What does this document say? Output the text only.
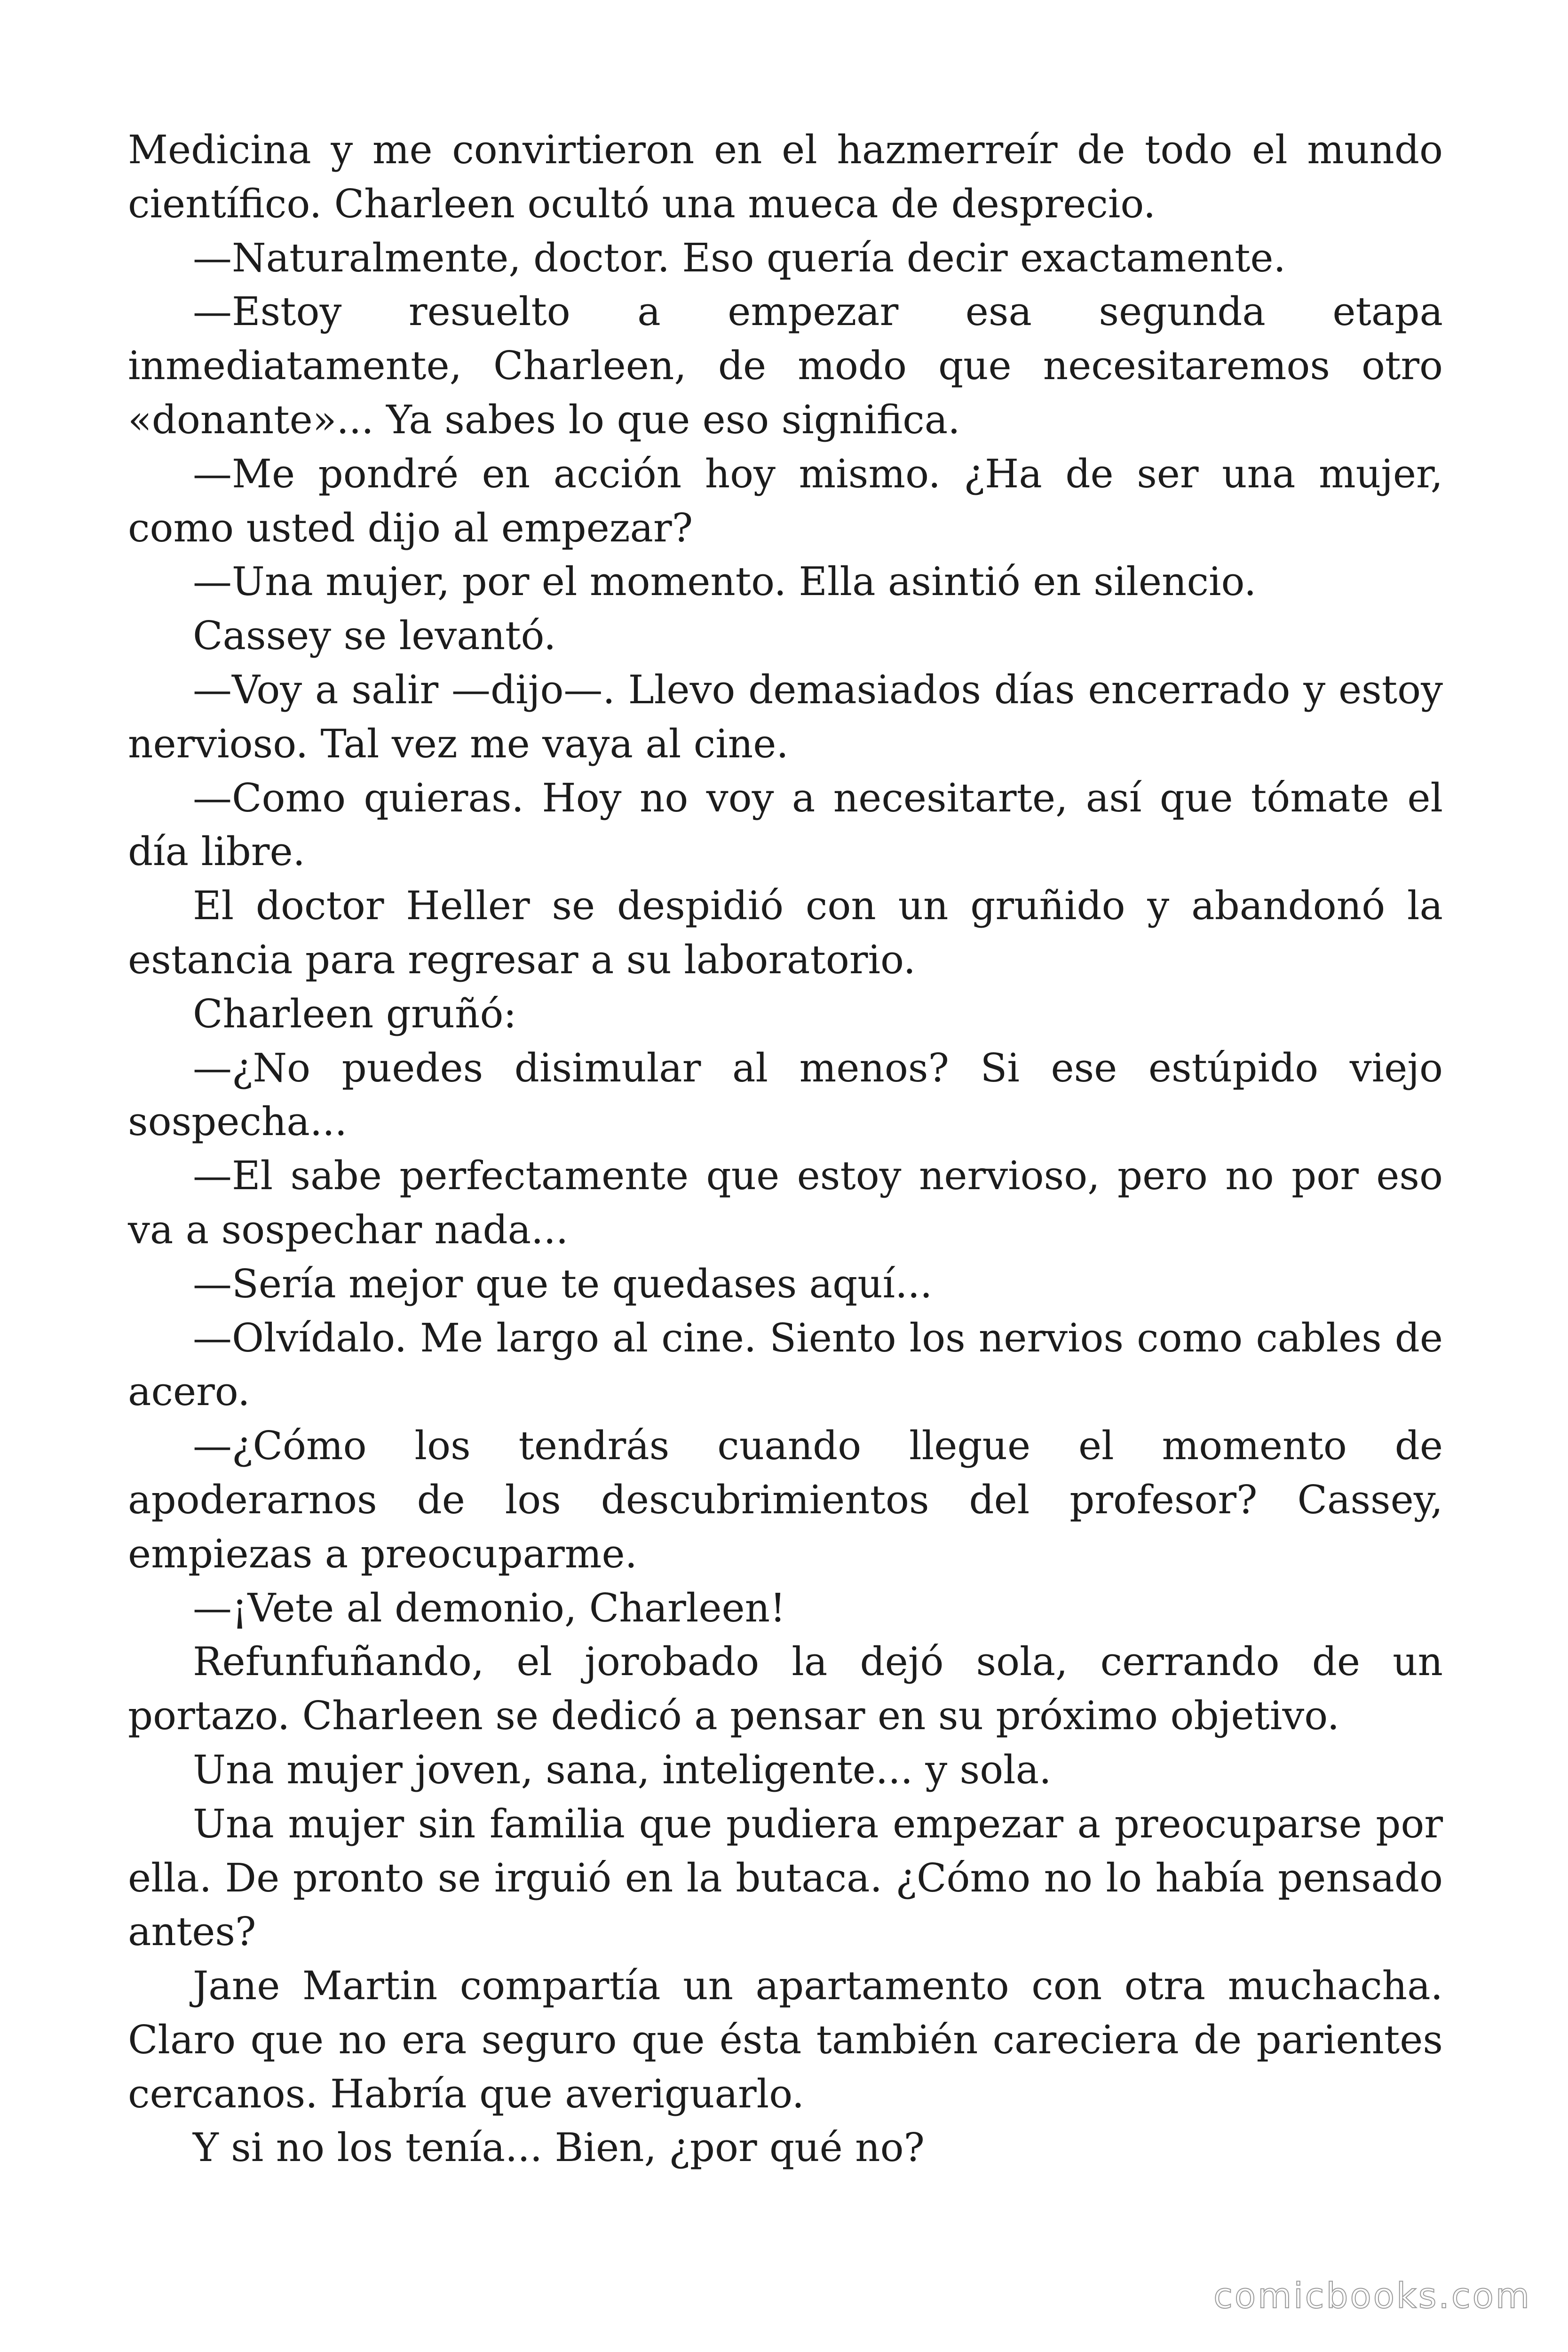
Medicina y me convirtieron en el hazmerreír de todo el mundo científico. Charleen ocultó una mueca de desprecio.

—Naturalmente, doctor. Eso quería decir exactamente.

—Estoy resuelto a empezar esa segunda etapa inmediatamente, Charleen, de modo que necesitaremos otro «donante»... Ya sabes lo que eso significa.

—Me pondré en acción hoy mismo. ¿Ha de ser una mujer, como usted dijo al empezar?

—Una mujer, por el momento. Ella asintió en silencio.

Cassey se levantó.

—Voy a salir —dijo—. Llevo demasiados días encerrado y estoy nervioso. Tal vez me vaya al cine.

—Como quieras. Hoy no voy a necesitarte, así que tómate el día libre.

El doctor Heller se despidió con un gruñido y abandonó la estancia para regresar a su laboratorio.

Charleen gruñó:

—¿No puedes disimular al menos? Si ese estúpido viejo sospecha...

—El sabe perfectamente que estoy nervioso, pero no por eso va a sospechar nada...

—Sería mejor que te quedases aquí...

—Olvídalo. Me largo al cine. Siento los nervios como cables de acero.

—¿Cómo los tendrás cuando llegue el momento de apoderarnos de los descubrimientos del profesor? Cassey, empiezas a preocuparme.

—¡Vete al demonio, Charleen!

Refunfuñando, el jorobado la dejó sola, cerrando de un portazo. Charleen se dedicó a pensar en su próximo objetivo.

Una mujer joven, sana, inteligente... y sola.

Una mujer sin familia que pudiera empezar a preocuparse por ella. De pronto se irguió en la butaca. ¿Cómo no lo había pensado antes?

Jane Martin compartía un apartamento con otra muchacha. Claro que no era seguro que ésta también careciera de parientes cercanos. Habría que averiguarlo.

Y si no los tenía... Bien, ¿por qué no?

comicbooks.com
